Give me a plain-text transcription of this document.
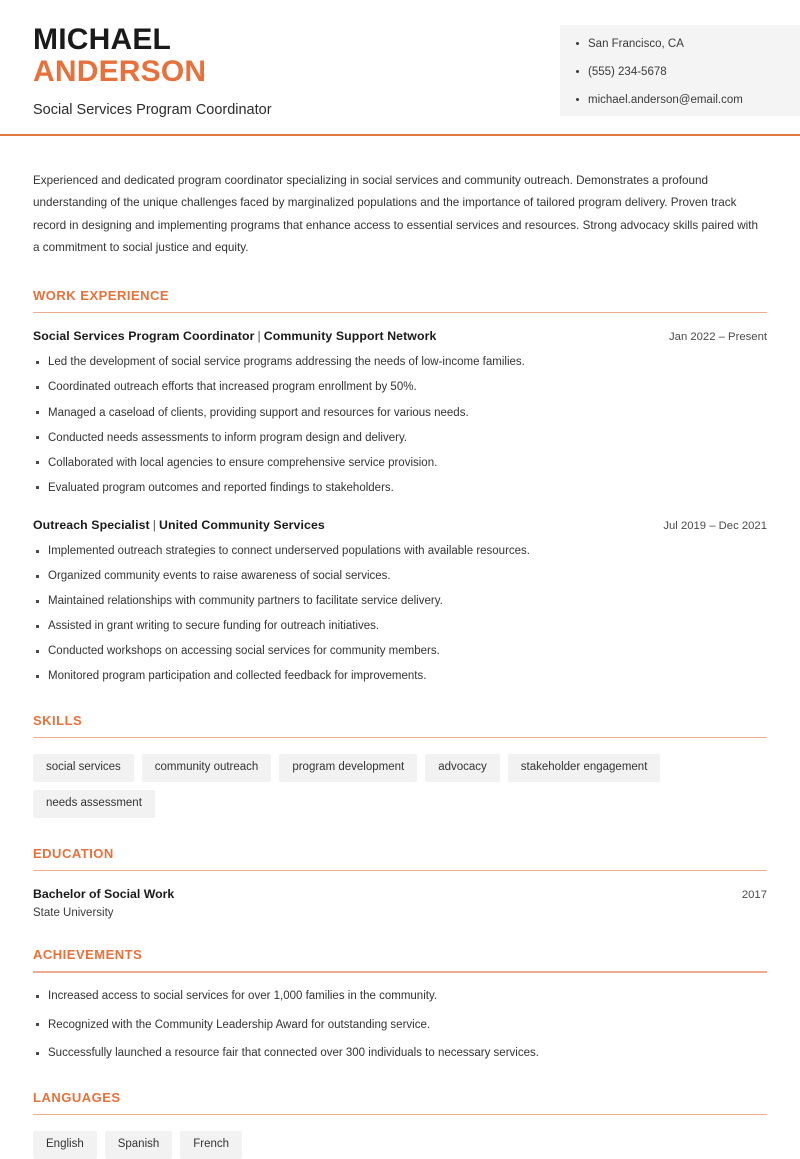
MICHAEL
ANDERSON
Social Services Program Coordinator
San Francisco, CA
(555) 234-5678
michael.anderson@email.com
Experienced and dedicated program coordinator specializing in social services and community outreach. Demonstrates a profound understanding of the unique challenges faced by marginalized populations and the importance of tailored program delivery. Proven track record in designing and implementing programs that enhance access to essential services and resources. Strong advocacy skills paired with a commitment to social justice and equity.
WORK EXPERIENCE
Social Services Program Coordinator | Community Support Network	Jan 2022 – Present
Led the development of social service programs addressing the needs of low-income families.
Coordinated outreach efforts that increased program enrollment by 50%.
Managed a caseload of clients, providing support and resources for various needs.
Conducted needs assessments to inform program design and delivery.
Collaborated with local agencies to ensure comprehensive service provision.
Evaluated program outcomes and reported findings to stakeholders.
Outreach Specialist | United Community Services	Jul 2019 – Dec 2021
Implemented outreach strategies to connect underserved populations with available resources.
Organized community events to raise awareness of social services.
Maintained relationships with community partners to facilitate service delivery.
Assisted in grant writing to secure funding for outreach initiatives.
Conducted workshops on accessing social services for community members.
Monitored program participation and collected feedback for improvements.
SKILLS
social services	community outreach	program development	advocacy	stakeholder engagement
needs assessment
EDUCATION
Bachelor of Social Work	2017
State University
ACHIEVEMENTS
Increased access to social services for over 1,000 families in the community.
Recognized with the Community Leadership Award for outstanding service.
Successfully launched a resource fair that connected over 300 individuals to necessary services.
LANGUAGES
English	Spanish	French
